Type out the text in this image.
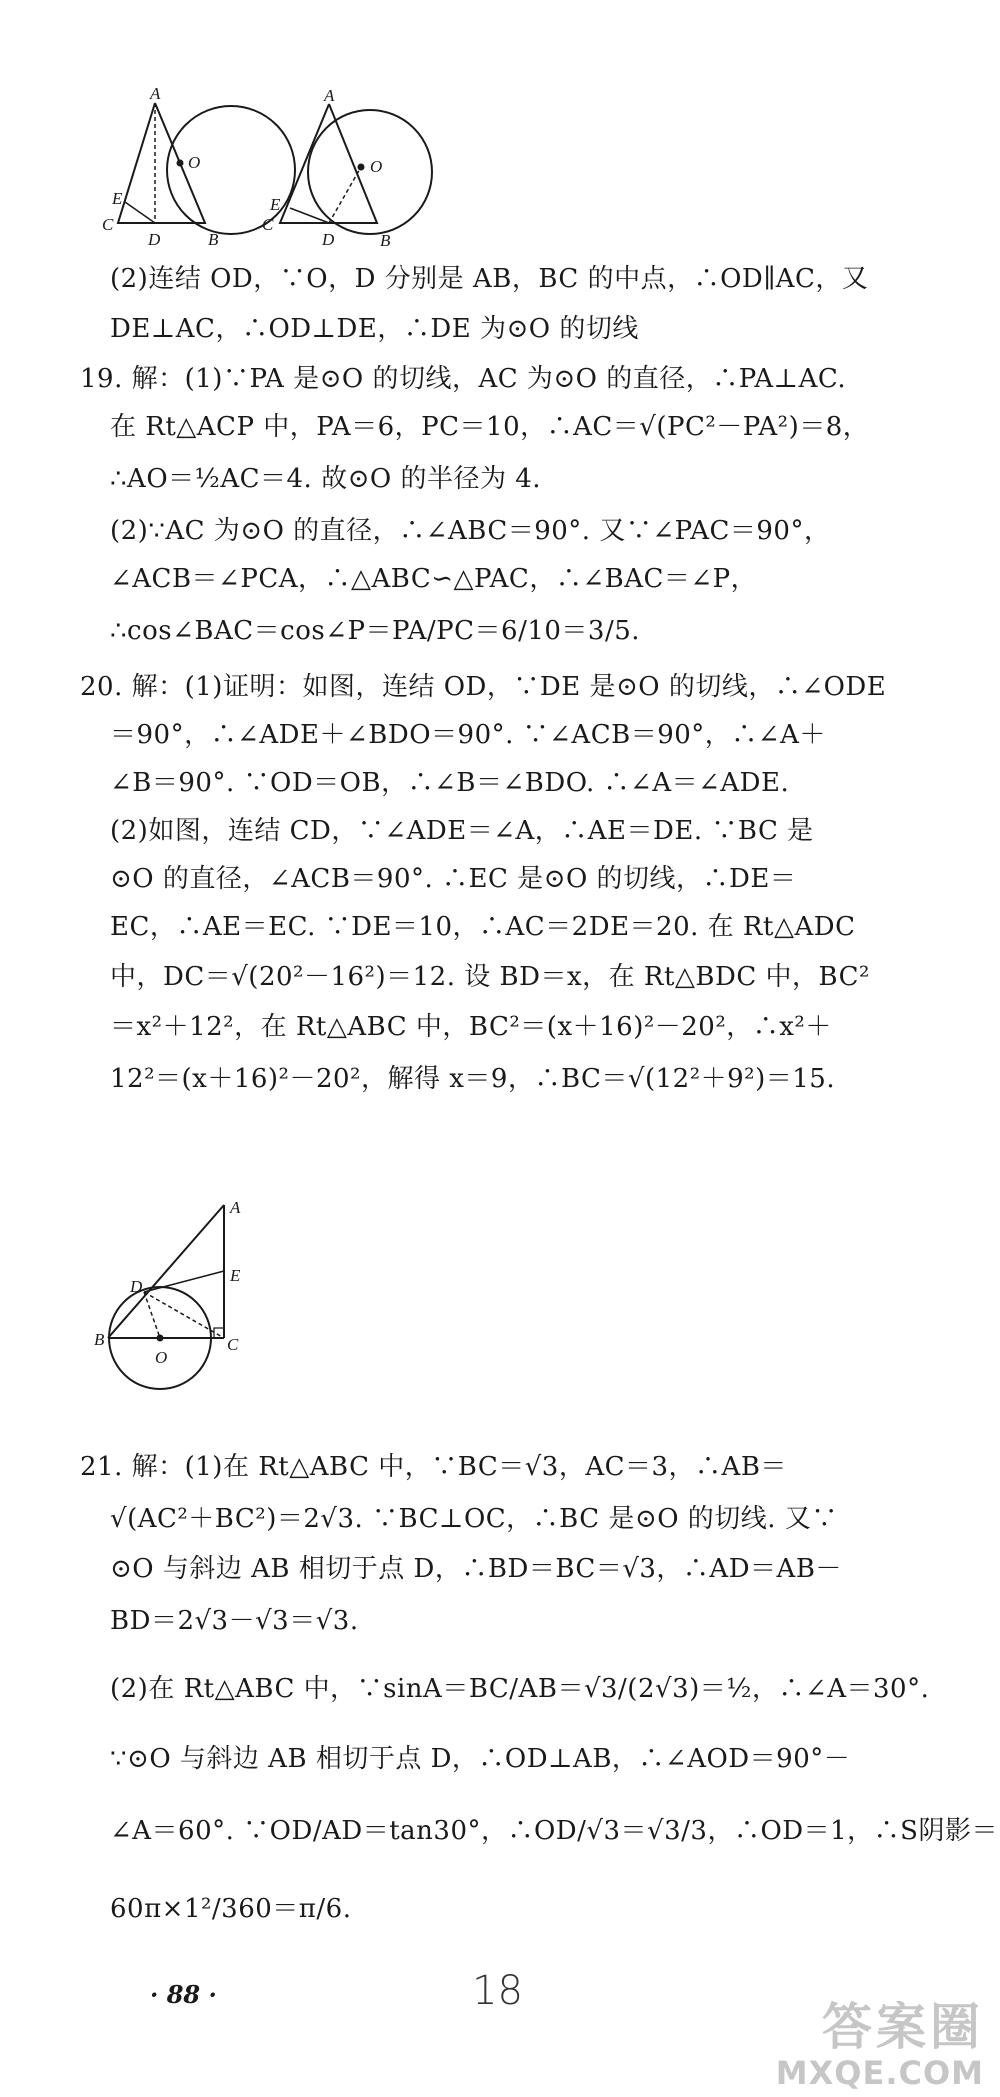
A
O
E
C
D	B
A
O
E
C
D	B
A
D
E
B
O
C
(2)连结 OD，∵O，D 分别是 AB，BC 的中点，∴OD∥AC，又
DE⊥AC，∴OD⊥DE，∴DE 为⊙O 的切线
19. 解：(1)∵PA 是⊙O 的切线，AC 为⊙O 的直径，∴PA⊥AC.
在 Rt△ACP 中，PA＝6，PC＝10，∴AC＝√(PC²－PA²)＝8，
∴AO＝½AC＝4. 故⊙O 的半径为 4.
(2)∵AC 为⊙O 的直径，∴∠ABC＝90°. 又∵∠PAC＝90°，
∠ACB＝∠PCA，∴△ABC∽△PAC，∴∠BAC＝∠P，
∴cos∠BAC＝cos∠P＝PA/PC＝6/10＝3/5.
20. 解：(1)证明：如图，连结 OD，∵DE 是⊙O 的切线，∴∠ODE
＝90°，∴∠ADE＋∠BDO＝90°. ∵∠ACB＝90°，∴∠A＋
∠B＝90°. ∵OD＝OB，∴∠B＝∠BDO. ∴∠A＝∠ADE.
(2)如图，连结 CD，∵∠ADE＝∠A，∴AE＝DE. ∵BC 是
⊙O 的直径，∠ACB＝90°. ∴EC 是⊙O 的切线，∴DE＝
EC，∴AE＝EC. ∵DE＝10，∴AC＝2DE＝20. 在 Rt△ADC
中，DC＝√(20²－16²)＝12. 设 BD＝x，在 Rt△BDC 中，BC²
＝x²＋12²，在 Rt△ABC 中，BC²＝(x＋16)²－20²，∴x²＋
12²＝(x＋16)²－20²，解得 x＝9，∴BC＝√(12²＋9²)＝15.
21. 解：(1)在 Rt△ABC 中，∵BC＝√3，AC＝3，∴AB＝
√(AC²＋BC²)＝2√3. ∵BC⊥OC，∴BC 是⊙O 的切线. 又∵
⊙O 与斜边 AB 相切于点 D，∴BD＝BC＝√3，∴AD＝AB－
BD＝2√3－√3＝√3.
(2)在 Rt△ABC 中，∵sinA＝BC/AB＝√3/(2√3)＝½，∴∠A＝30°.
∵⊙O 与斜边 AB 相切于点 D，∴OD⊥AB，∴∠AOD＝90°－
∠A＝60°. ∵OD/AD＝tan30°，∴OD/√3＝√3/3，∴OD＝1，∴S阴影＝
60π×1²/360＝π/6.
· 88 ·	18
答案圈
MXQE.COM
